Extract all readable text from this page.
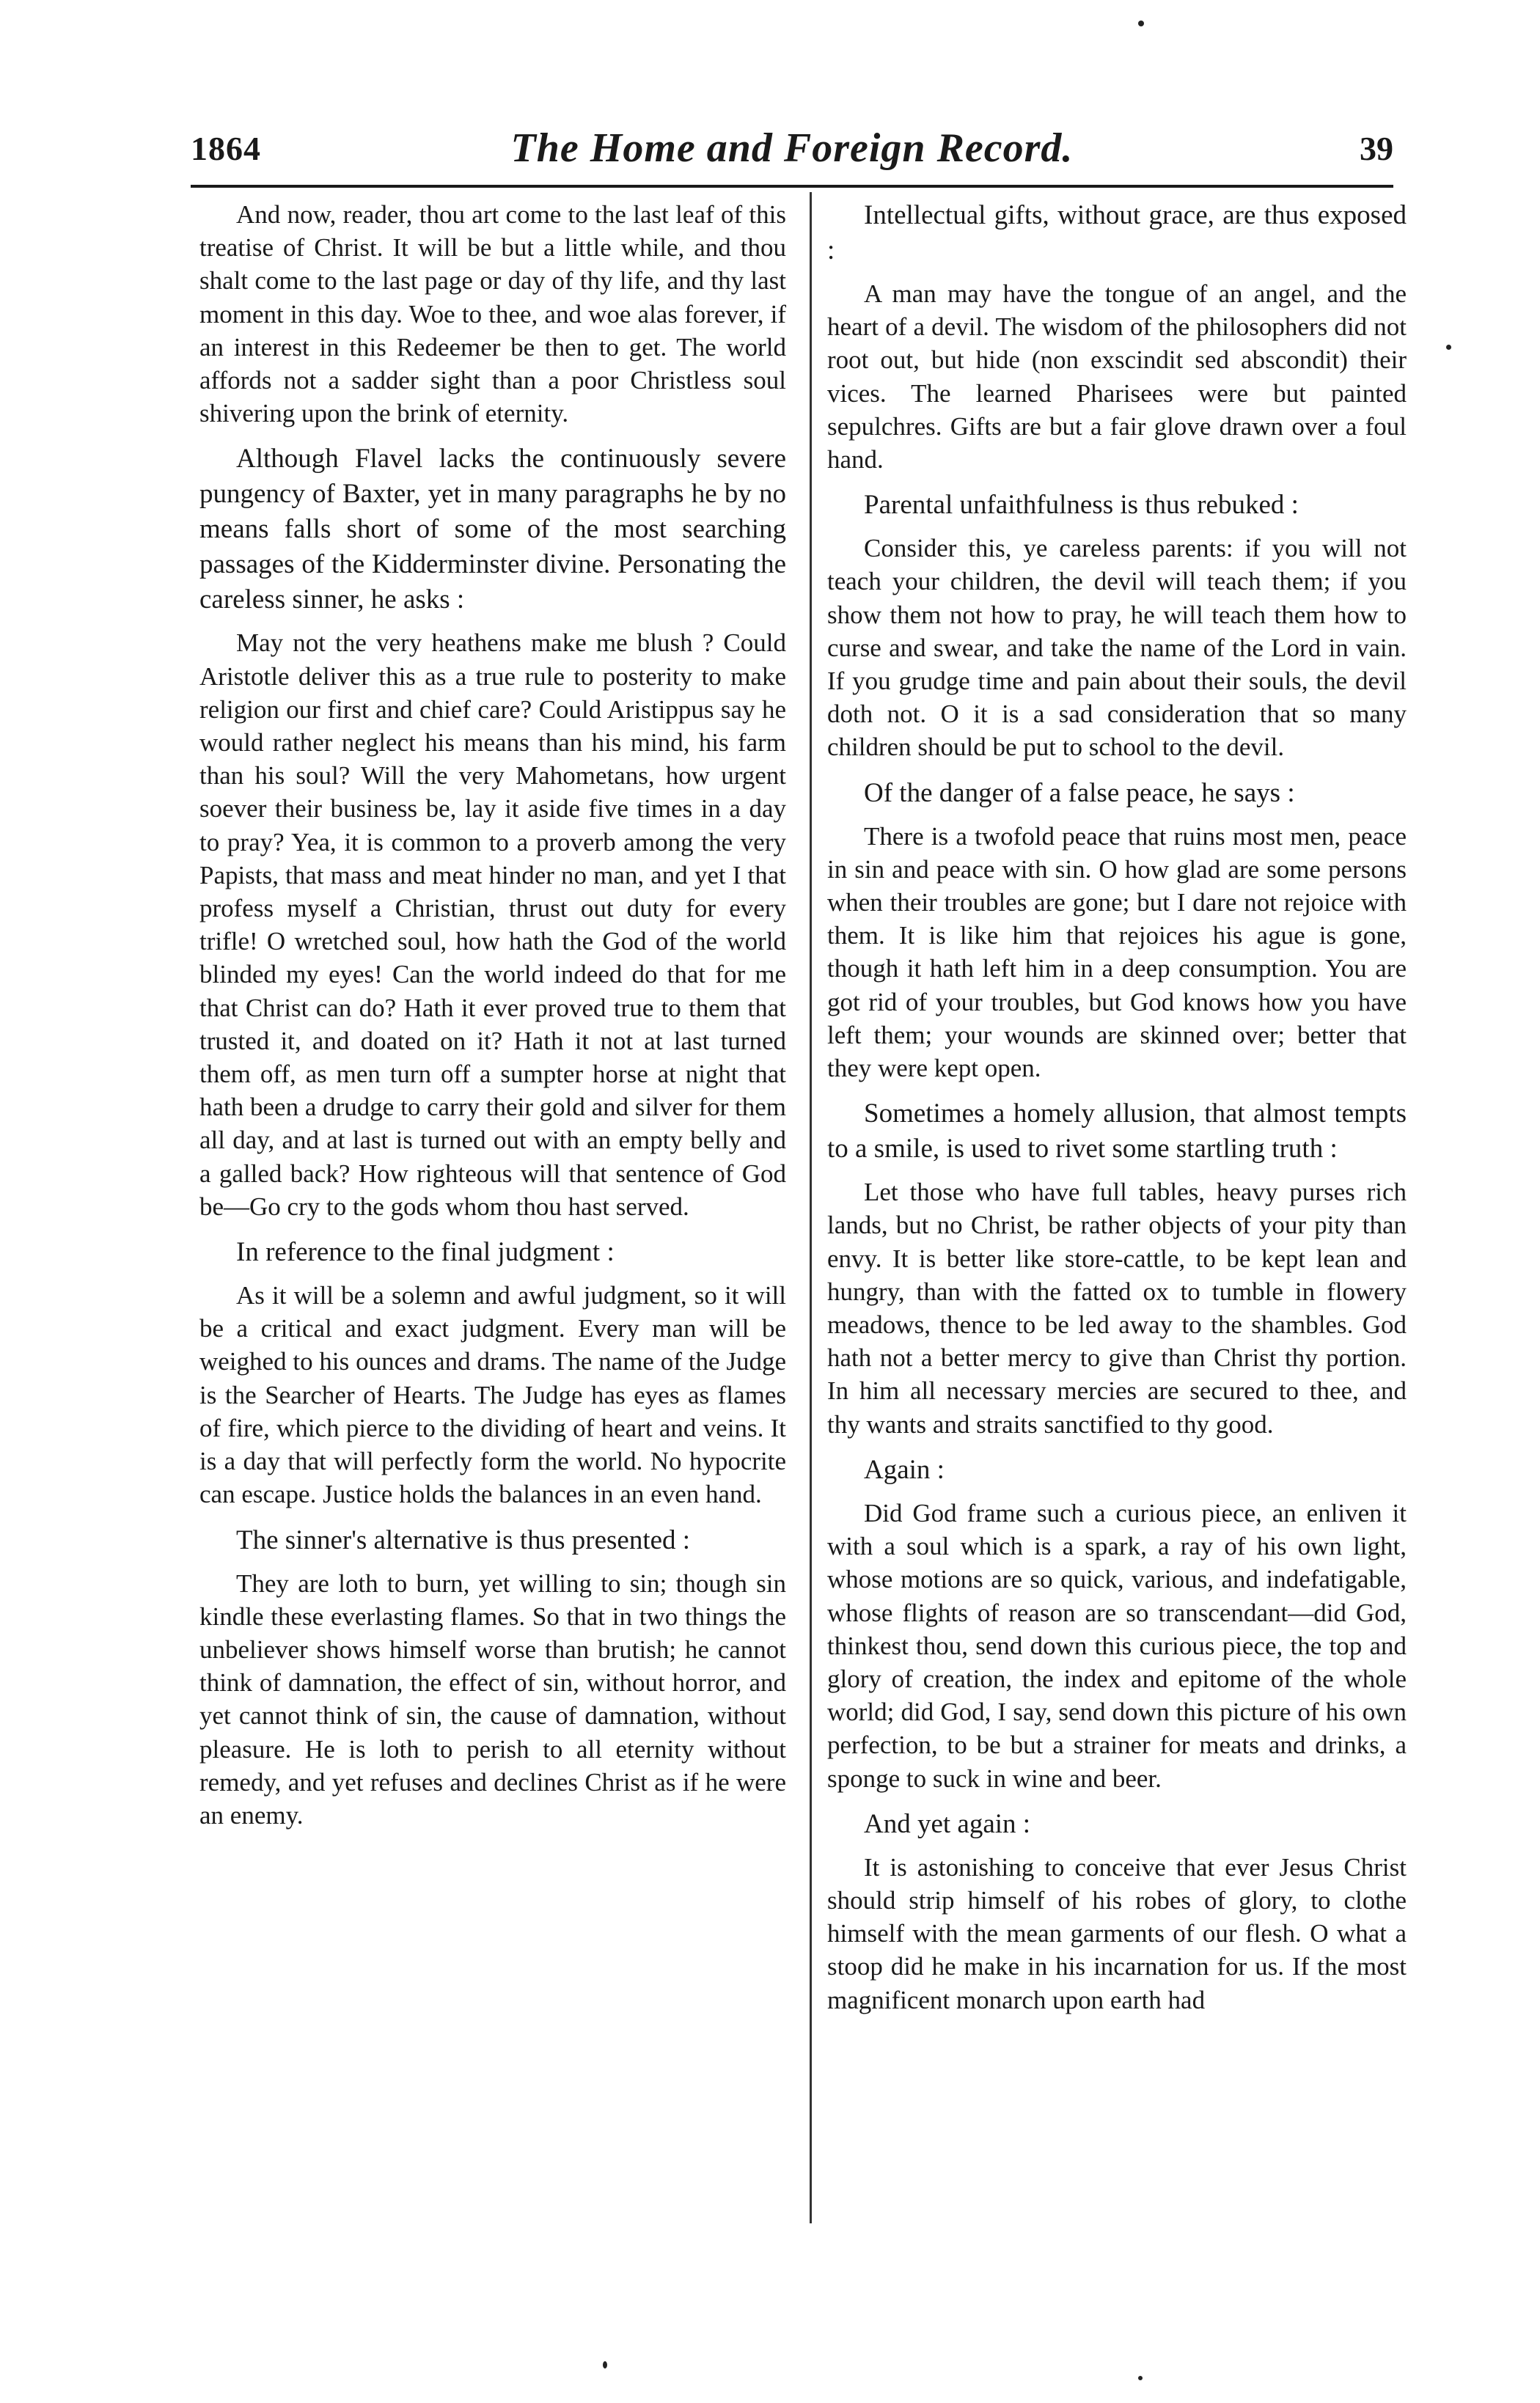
1864	The Home and Foreign Record.	39

And now, reader, thou art come to the last leaf of this treatise of Christ. It will be but a little while, and thou shalt come to the last page or day of thy life, and thy last moment in this day. Woe to thee, and woe alas forever, if an interest in this Redeemer be then to get. The world affords not a sadder sight than a poor Christless soul shivering upon the brink of eternity.

Although Flavel lacks the continuously severe pungency of Baxter, yet in many paragraphs he by no means falls short of some of the most searching passages of the Kidderminster divine. Personating the careless sinner, he asks :

May not the very heathens make me blush ? Could Aristotle deliver this as a true rule to posterity to make religion our first and chief care? Could Aristippus say he would rather neglect his means than his mind, his farm than his soul? Will the very Mahometans, how urgent soever their business be, lay it aside five times in a day to pray? Yea, it is common to a proverb among the very Papists, that mass and meat hinder no man, and yet I that profess myself a Christian, thrust out duty for every trifle! O wretched soul, how hath the God of the world blinded my eyes! Can the world indeed do that for me that Christ can do? Hath it ever proved true to them that trusted it, and doated on it? Hath it not at last turned them off, as men turn off a sumpter horse at night that hath been a drudge to carry their gold and silver for them all day, and at last is turned out with an empty belly and a galled back? How righteous will that sentence of God be—Go cry to the gods whom thou hast served.

In reference to the final judgment :

As it will be a solemn and awful judgment, so it will be a critical and exact judgment. Every man will be weighed to his ounces and drams. The name of the Judge is the Searcher of Hearts. The Judge has eyes as flames of fire, which pierce to the dividing of heart and veins. It is a day that will perfectly form the world. No hypocrite can escape. Justice holds the balances in an even hand.

The sinner's alternative is thus presented :

They are loth to burn, yet willing to sin; though sin kindle these everlasting flames. So that in two things the unbeliever shows himself worse than brutish; he cannot think of damnation, the effect of sin, without horror, and yet cannot think of sin, the cause of damnation, without pleasure. He is loth to perish to all eternity without remedy, and yet refuses and declines Christ as if he were an enemy.

Intellectual gifts, without grace, are thus exposed :

A man may have the tongue of an angel, and the heart of a devil. The wisdom of the philosophers did not root out, but hide (non exscindit sed abscondit) their vices. The learned Pharisees were but painted sepulchres. Gifts are but a fair glove drawn over a foul hand.

Parental unfaithfulness is thus rebuked :

Consider this, ye careless parents: if you will not teach your children, the devil will teach them; if you show them not how to pray, he will teach them how to curse and swear, and take the name of the Lord in vain. If you grudge time and pain about their souls, the devil doth not. O it is a sad consideration that so many children should be put to school to the devil.

Of the danger of a false peace, he says :

There is a twofold peace that ruins most men, peace in sin and peace with sin. O how glad are some persons when their troubles are gone; but I dare not rejoice with them. It is like him that rejoices his ague is gone, though it hath left him in a deep consumption. You are got rid of your troubles, but God knows how you have left them; your wounds are skinned over; better that they were kept open.

Sometimes a homely allusion, that almost tempts to a smile, is used to rivet some startling truth :

Let those who have full tables, heavy purses rich lands, but no Christ, be rather objects of your pity than envy. It is better like store-cattle, to be kept lean and hungry, than with the fatted ox to tumble in flowery meadows, thence to be led away to the shambles. God hath not a better mercy to give than Christ thy portion. In him all necessary mercies are secured to thee, and thy wants and straits sanctified to thy good.

Again :

Did God frame such a curious piece, an enliven it with a soul which is a spark, a ray of his own light, whose motions are so quick, various, and indefatigable, whose flights of reason are so transcendant—did God, thinkest thou, send down this curious piece, the top and glory of creation, the index and epitome of the whole world; did God, I say, send down this picture of his own perfection, to be but a strainer for meats and drinks, a sponge to suck in wine and beer.

And yet again :

It is astonishing to conceive that ever Jesus Christ should strip himself of his robes of glory, to clothe himself with the mean garments of our flesh. O what a stoop did he make in his incarnation for us. If the most magnificent monarch upon earth had
